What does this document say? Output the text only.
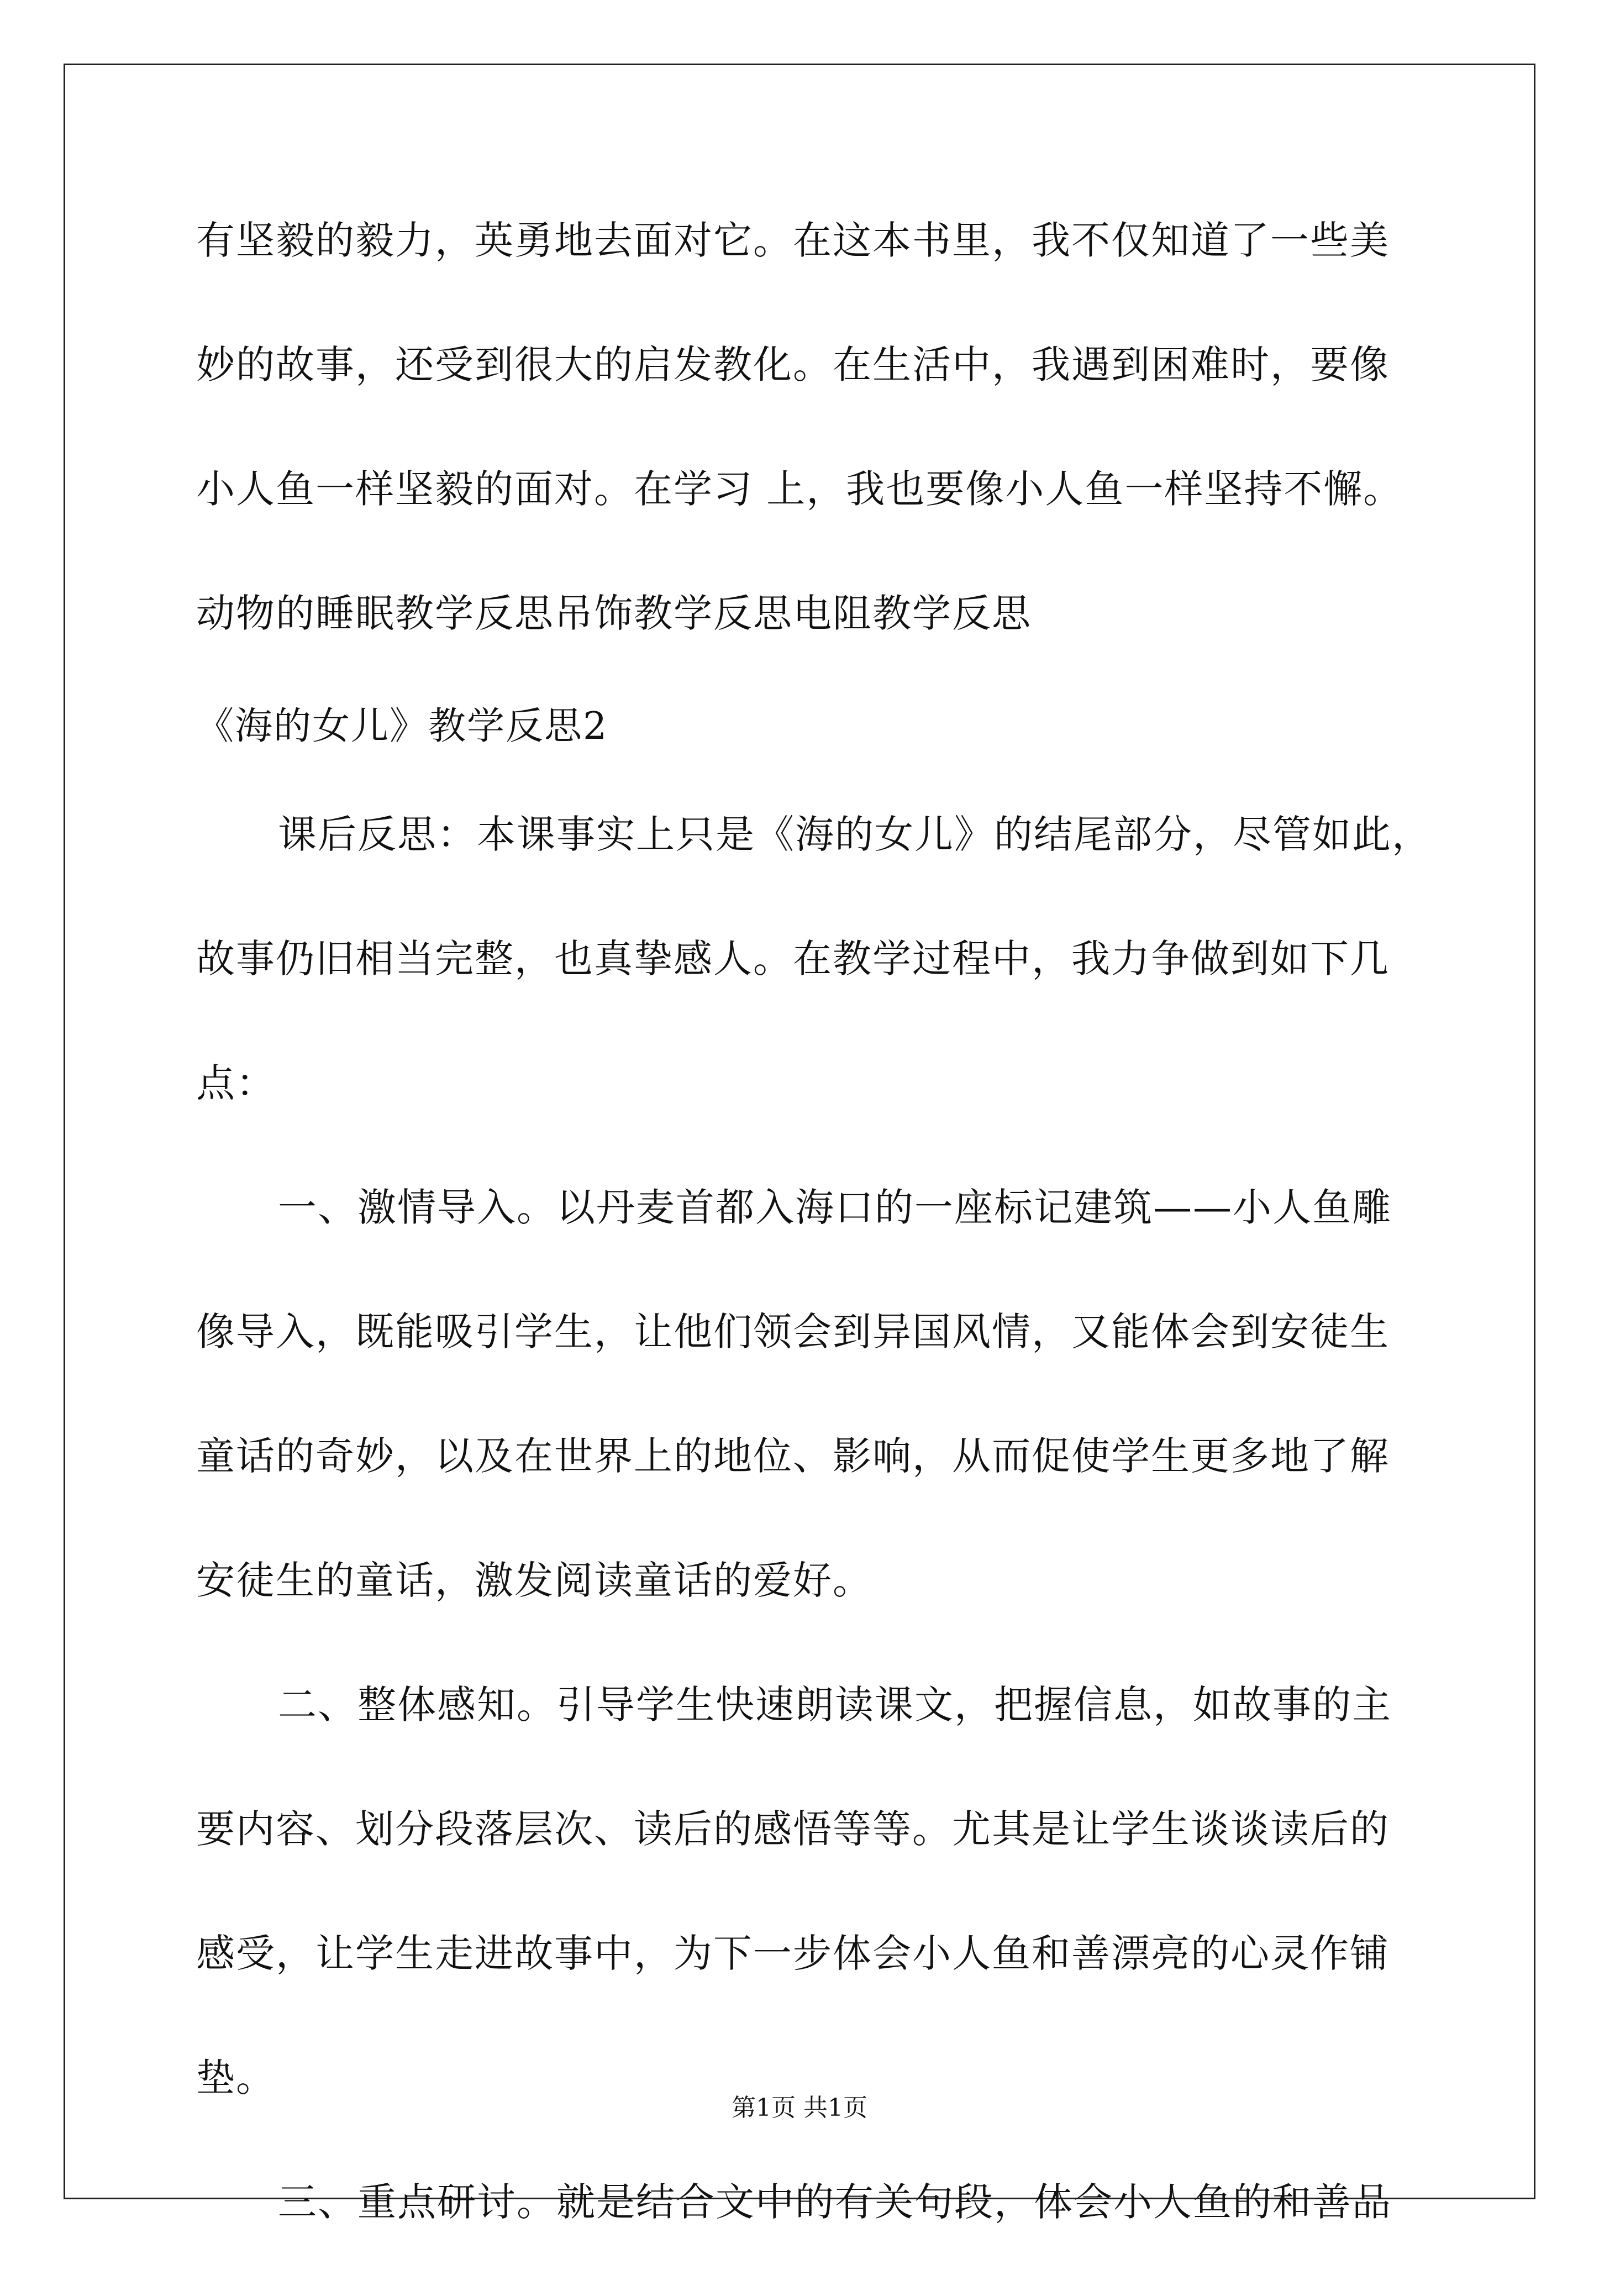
有坚毅的毅力，英勇地去面对它。在这本书里，我不仅知道了一些美
妙的故事，还受到很大的启发教化。在生活中，我遇到困难时，要像
小人鱼一样坚毅的面对。在学习 上，我也要像小人鱼一样坚持不懈。
动物的睡眠教学反思吊饰教学反思电阻教学反思
《海的女儿》教学反思2
课后反思：本课事实上只是《海的女儿》的结尾部分，尽管如此，
故事仍旧相当完整，也真挚感人。在教学过程中，我力争做到如下几
点：
一、激情导入。以丹麦首都入海口的一座标记建筑——小人鱼雕
像导入，既能吸引学生，让他们领会到异国风情，又能体会到安徒生
童话的奇妙，以及在世界上的地位、影响，从而促使学生更多地了解
安徒生的童话，激发阅读童话的爱好。
二、整体感知。引导学生快速朗读课文，把握信息，如故事的主
要内容、划分段落层次、读后的感悟等等。尤其是让学生谈谈读后的
感受，让学生走进故事中，为下一步体会小人鱼和善漂亮的心灵作铺
垫。
三、重点研讨。就是结合文中的有关句段，体会小人鱼的和善品
第1页 共1页
